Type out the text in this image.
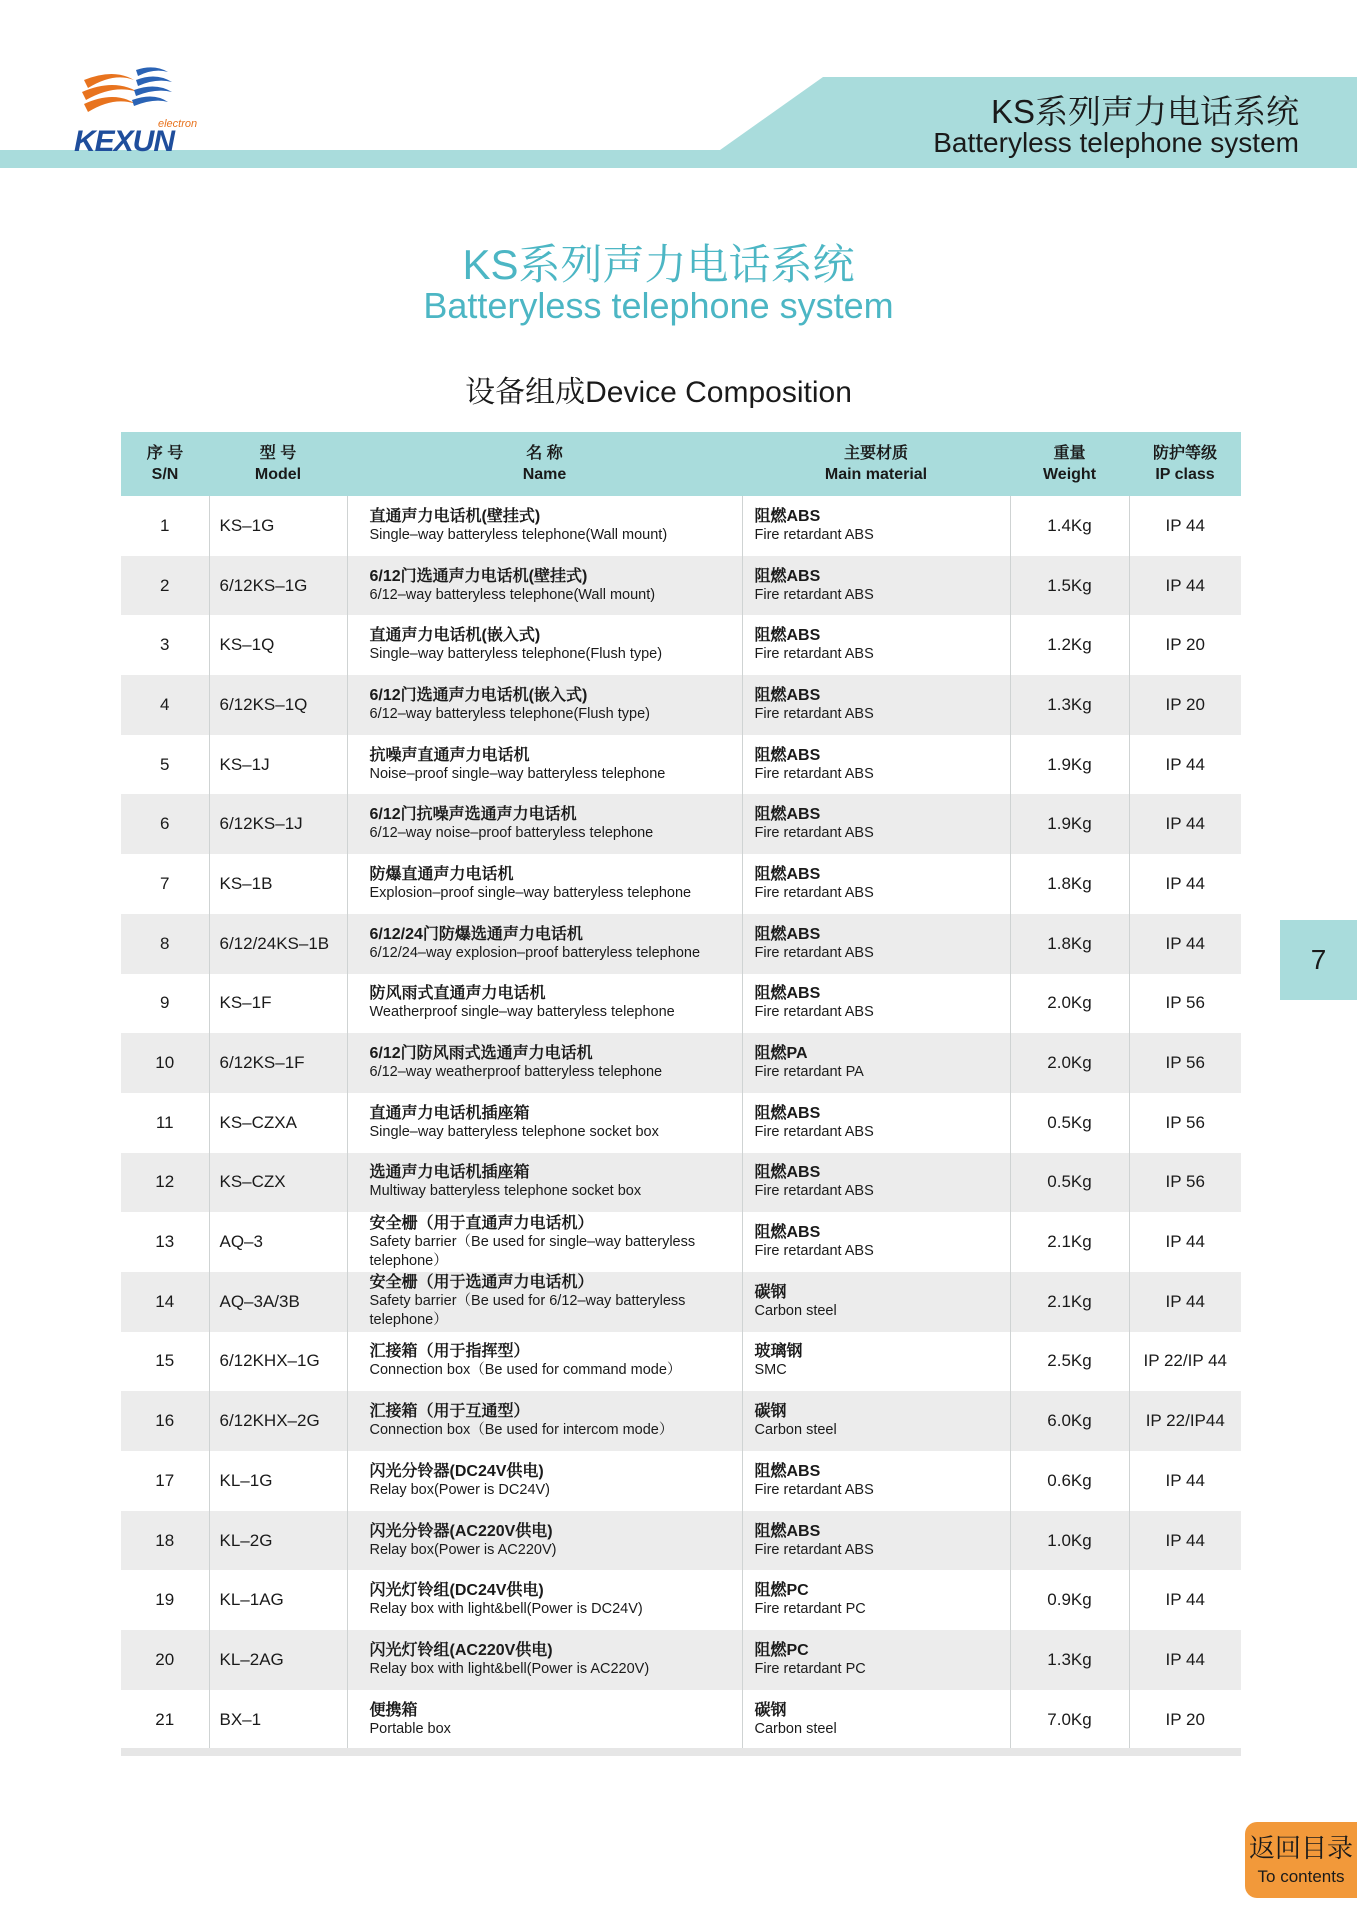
KEXUN
electron	KS系列声力电话系统
Batteryless telephone system
KS系列声力电话系统
Batteryless telephone system
设备组成Device Composition
序 号
S/N	型 号
Model	名 称
Name	主要材质
Main material	重量
Weight	防护等级
IP class
1	KS–1G	直通声力电话机(壁挂式)
Single–way batteryless telephone(Wall mount)	阻燃ABS
Fire retardant ABS	1.4Kg	IP 44
2	6/12KS–1G	6/12门选通声力电话机(壁挂式)
6/12–way batteryless telephone(Wall mount)	阻燃ABS
Fire retardant ABS	1.5Kg	IP 44
3	KS–1Q	直通声力电话机(嵌入式)
Single–way batteryless telephone(Flush type)	阻燃ABS
Fire retardant ABS	1.2Kg	IP 20
4	6/12KS–1Q	6/12门选通声力电话机(嵌入式)
6/12–way batteryless telephone(Flush type)	阻燃ABS
Fire retardant ABS	1.3Kg	IP 20
5	KS–1J	抗噪声直通声力电话机
Noise–proof single–way batteryless telephone	阻燃ABS
Fire retardant ABS	1.9Kg	IP 44
6	6/12KS–1J	6/12门抗噪声选通声力电话机
6/12–way noise–proof batteryless telephone	阻燃ABS
Fire retardant ABS	1.9Kg	IP 44
7	KS–1B	防爆直通声力电话机
Explosion–proof single–way batteryless telephone	阻燃ABS
Fire retardant ABS	1.8Kg	IP 44
8	6/12/24KS–1B	6/12/24门防爆选通声力电话机
6/12/24–way explosion–proof batteryless telephone	阻燃ABS
Fire retardant ABS	1.8Kg	IP 44
9	KS–1F	防风雨式直通声力电话机
Weatherproof single–way batteryless telephone	阻燃ABS
Fire retardant ABS	2.0Kg	IP 56
10	6/12KS–1F	6/12门防风雨式选通声力电话机
6/12–way weatherproof batteryless telephone	阻燃PA
Fire retardant PA	2.0Kg	IP 56
11	KS–CZXA	直通声力电话机插座箱
Single–way batteryless telephone socket box	阻燃ABS
Fire retardant ABS	0.5Kg	IP 56
12	KS–CZX	选通声力电话机插座箱
Multiway batteryless telephone socket box	阻燃ABS
Fire retardant ABS	0.5Kg	IP 56
13	AQ–3	安全栅（用于直通声力电话机）
Safety barrier（Be used for single–way batteryless telephone）	阻燃ABS
Fire retardant ABS	2.1Kg	IP 44
14	AQ–3A/3B	安全栅（用于选通声力电话机）
Safety barrier（Be used for 6/12–way batteryless telephone）	碳钢
Carbon steel	2.1Kg	IP 44
15	6/12KHX–1G	汇接箱（用于指挥型）
Connection box（Be used for command mode）	玻璃钢
SMC	2.5Kg	IP 22/IP 44
16	6/12KHX–2G	汇接箱（用于互通型）
Connection box（Be used for intercom mode）	碳钢
Carbon steel	6.0Kg	IP 22/IP44
17	KL–1G	闪光分铃器(DC24V供电)
Relay box(Power is DC24V)	阻燃ABS
Fire retardant ABS	0.6Kg	IP 44
18	KL–2G	闪光分铃器(AC220V供电)
Relay box(Power is AC220V)	阻燃ABS
Fire retardant ABS	1.0Kg	IP 44
19	KL–1AG	闪光灯铃组(DC24V供电)
Relay box with light&bell(Power is DC24V)	阻燃PC
Fire retardant PC	0.9Kg	IP 44
20	KL–2AG	闪光灯铃组(AC220V供电)
Relay box with light&bell(Power is AC220V)	阻燃PC
Fire retardant PC	1.3Kg	IP 44
21	BX–1	便携箱
Portable box	碳钢
Carbon steel	7.0Kg	IP 20
7
返回目录
To contents
